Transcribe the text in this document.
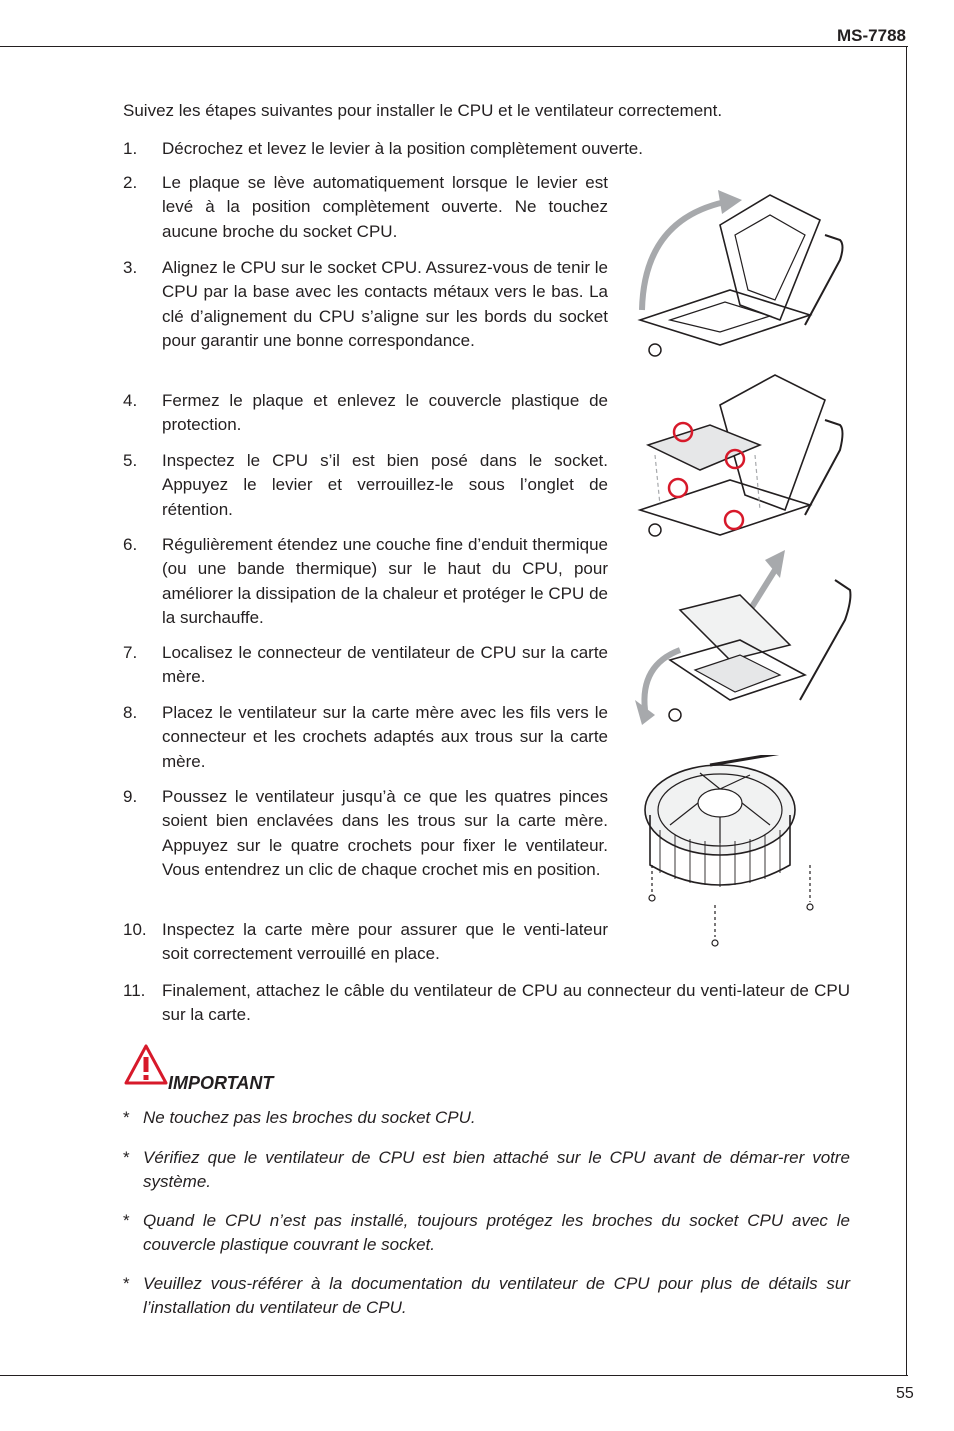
MS-7788
Suivez les étapes suivantes pour installer le CPU et le ventilateur correctement.
1. Décrochez et levez le levier à la position complètement ouverte.
2. Le plaque se lève automatiquement lorsque le levier est levé à la position complètement ouverte. Ne touchez aucune broche du socket CPU.
3. Alignez le CPU sur le socket CPU. Assurez-vous de tenir le CPU par la base avec les contacts métaux vers le bas. La clé d’alignement du CPU s’aligne sur les bords du socket pour garantir une bonne correspondance.
4. Fermez le plaque et enlevez le couvercle plastique de protection.
5. Inspectez le CPU s’il est bien posé dans le socket. Appuyez le levier et verrouillez-le sous l’onglet de rétention.
6. Régulièrement étendez une couche fine d’enduit thermique (ou une bande thermique) sur le haut du CPU, pour améliorer la dissipation de la chaleur et protéger le CPU de la surchauffe.
7. Localisez le connecteur de ventilateur de CPU sur la carte mère.
8. Placez le ventilateur sur la carte mère avec les fils vers le connecteur et les crochets adaptés aux trous sur la carte mère.
9. Poussez le ventilateur jusqu’à ce que les quatres pinces soient bien enclavées dans les trous sur la carte mère. Appuyez sur le quatre crochets pour fixer le ventilateur. Vous entendrez un clic de chaque crochet mis en position.
10. Inspectez la carte mère pour assurer que le venti-lateur soit correctement verrouillé en place.
11. Finalement, attachez le câble du ventilateur de CPU au connecteur du venti-lateur de CPU sur la carte.
IMPORTANT
* Ne touchez pas les broches du socket CPU.
* Vérifiez que le ventilateur de CPU est bien attaché sur le CPU avant de démar-rer votre système.
* Quand le CPU n’est pas installé, toujours protégez les broches du socket CPU avec le couvercle plastique couvrant le socket.
* Veuillez vous-référer à la documentation du ventilateur de CPU pour plus de détails sur l’installation du ventilateur de CPU.
55
